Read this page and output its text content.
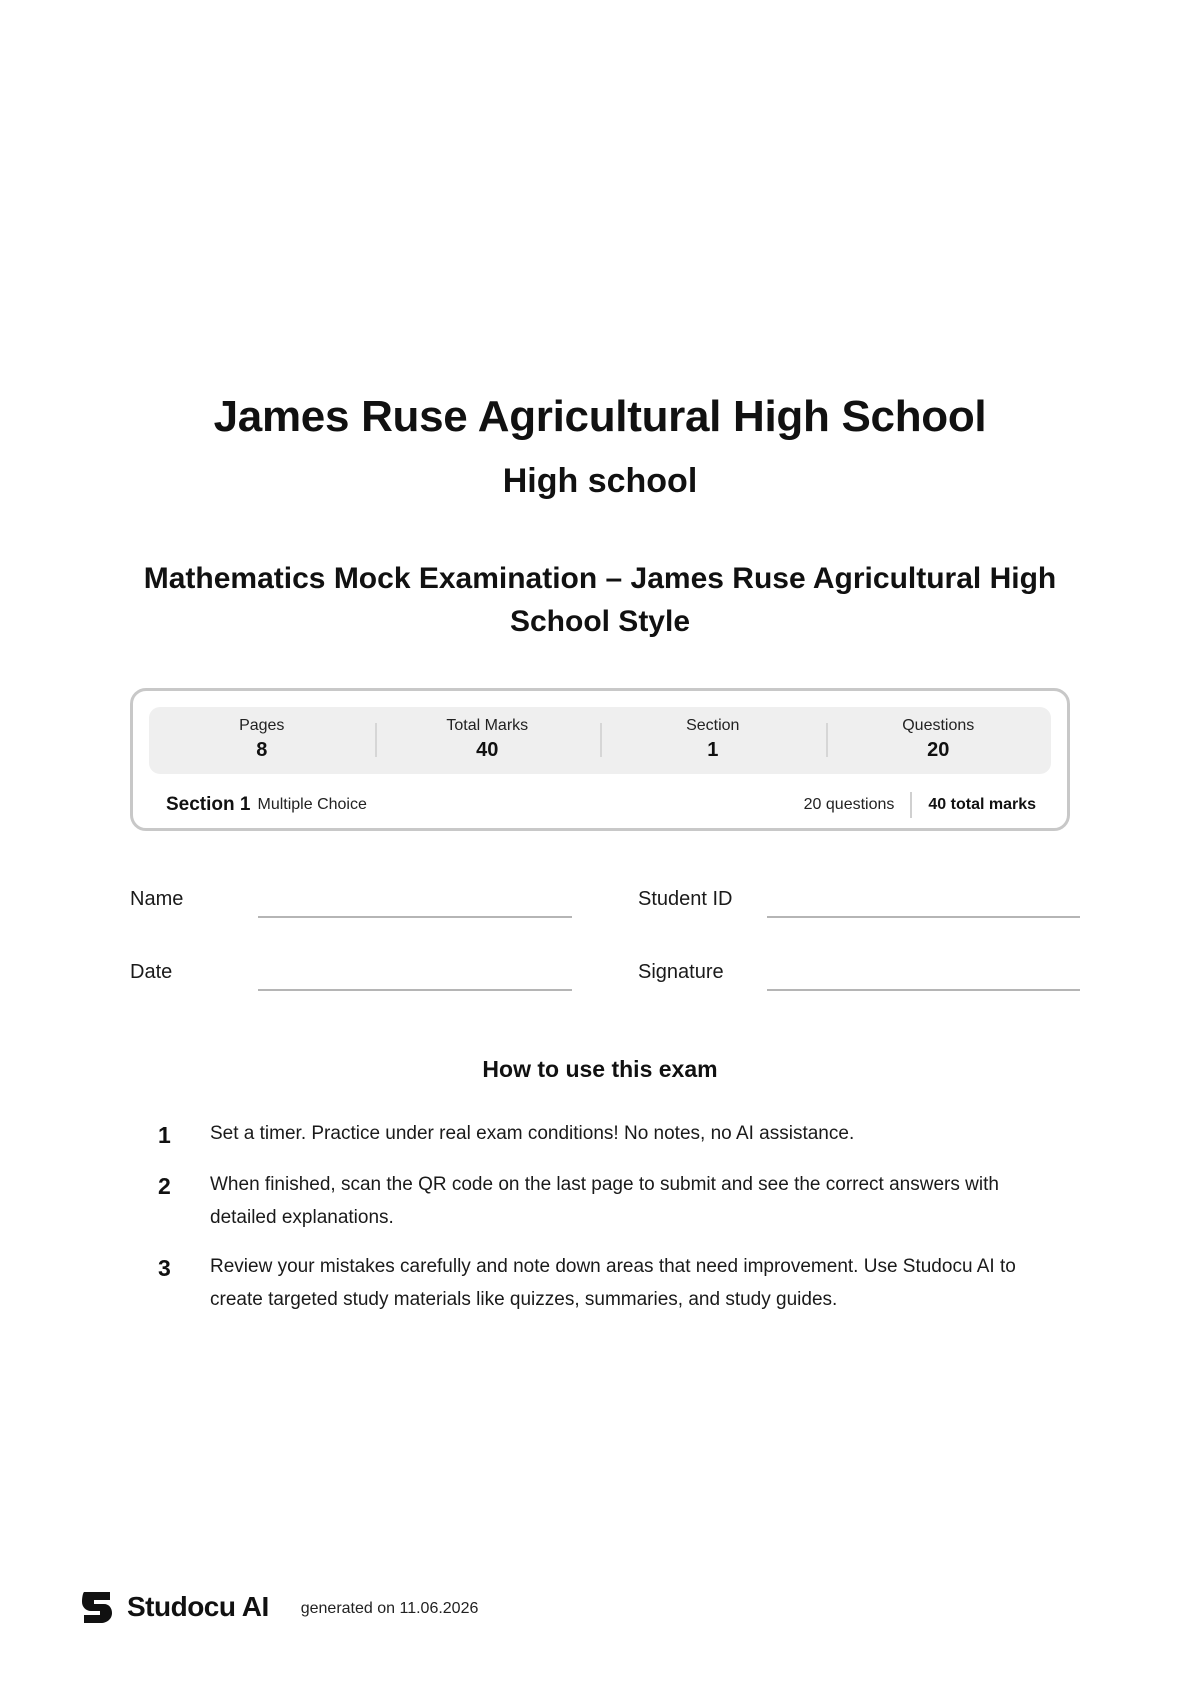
James Ruse Agricultural High School
High school
Mathematics Mock Examination – James Ruse Agricultural High School Style
Pages
8
Total Marks
40
Section
1
Questions
20
Section 1 Multiple Choice	20 questions	40 total marks
Name	Student ID
Date	Signature
How to use this exam
1	Set a timer. Practice under real exam conditions! No notes, no AI assistance.
2	When finished, scan the QR code on the last page to submit and see the correct answers with detailed explanations.
3	Review your mistakes carefully and note down areas that need improvement. Use Studocu AI to create targeted study materials like quizzes, summaries, and study guides.
Studocu AI generated on 11.06.2026
